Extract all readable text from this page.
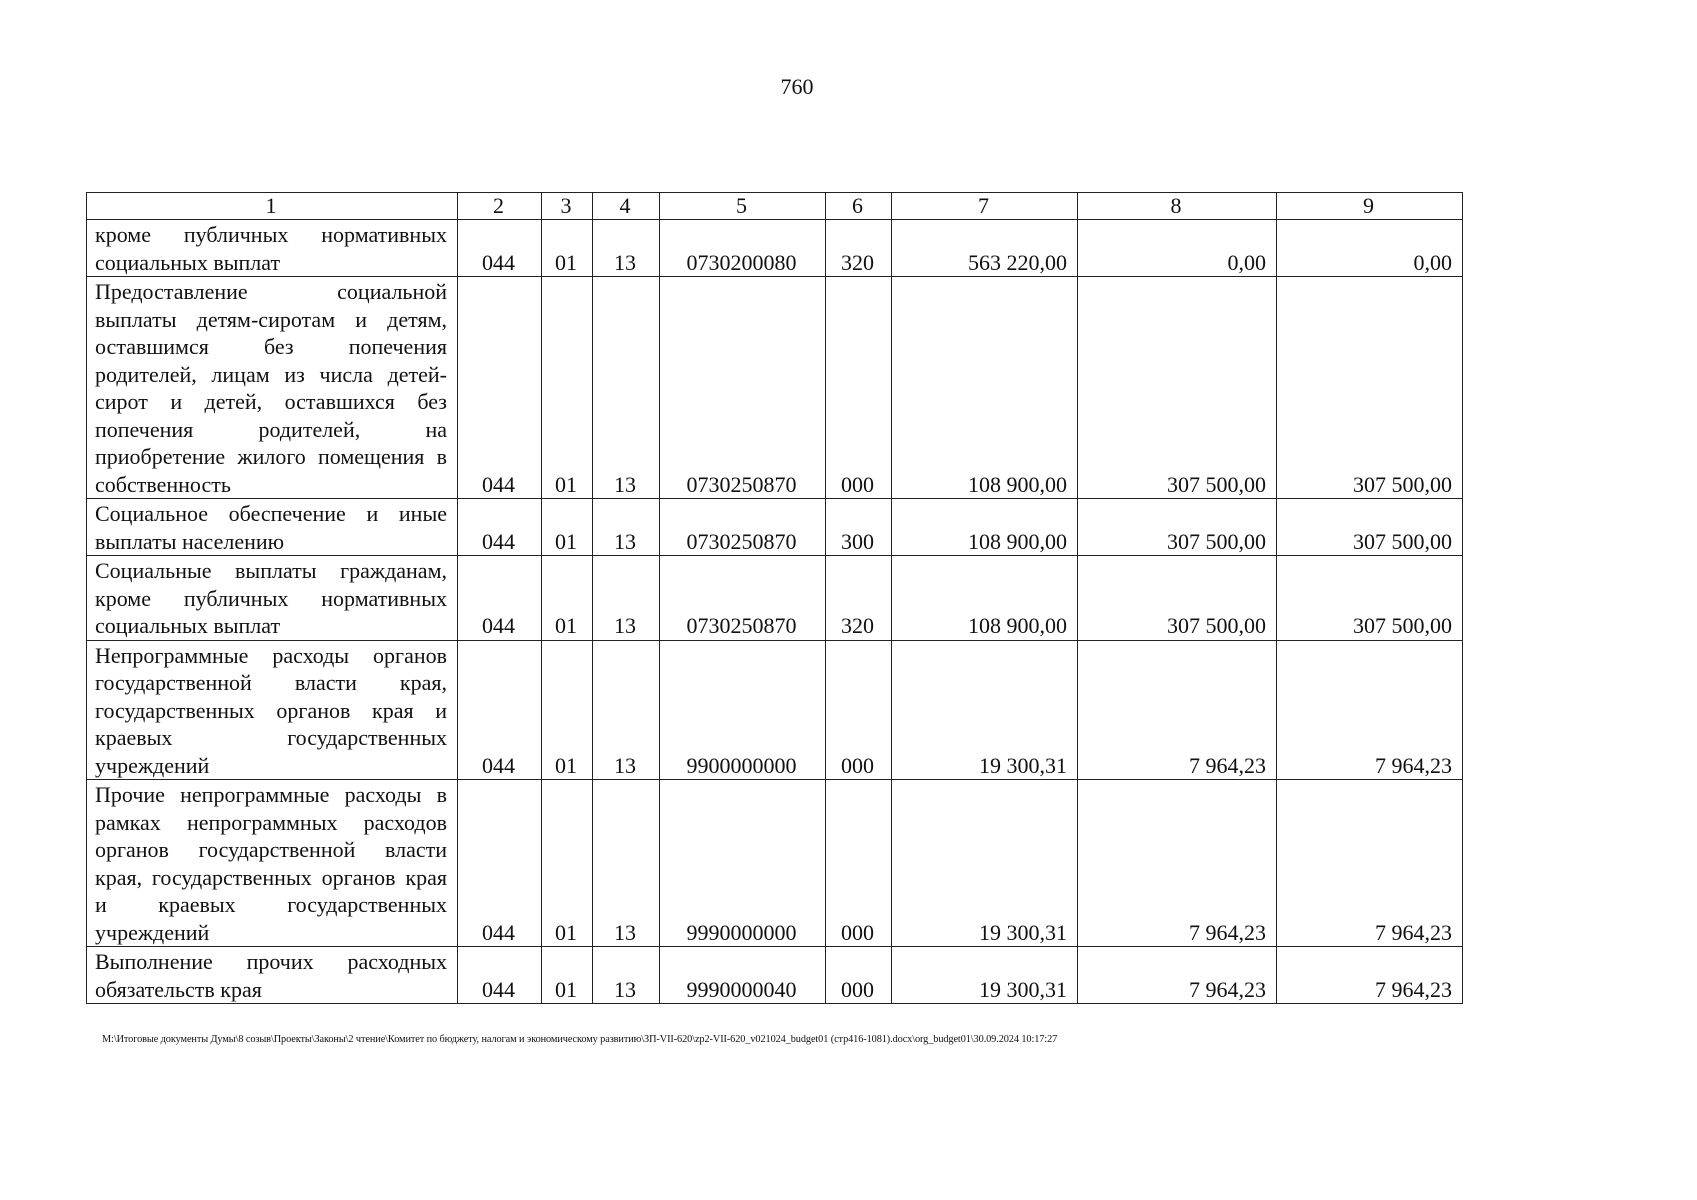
760
1	2	3	4	5	6	7	8	9
кроме публичных нормативных социальных выплат	044	01	13	0730200080	320	563 220,00	0,00	0,00
Предоставление социальной выплаты детям-сиротам и детям, оставшимся без попечения родителей, лицам из числа детей-сирот и детей, оставшихся без попечения родителей, на приобретение жилого помещения в собственность	044	01	13	0730250870	000	108 900,00	307 500,00	307 500,00
Социальное обеспечение и иные выплаты населению	044	01	13	0730250870	300	108 900,00	307 500,00	307 500,00
Социальные выплаты гражданам, кроме публичных нормативных социальных выплат	044	01	13	0730250870	320	108 900,00	307 500,00	307 500,00
Непрограммные расходы органов государственной власти края, государственных органов края и краевых государственных учреждений	044	01	13	9900000000	000	19 300,31	7 964,23	7 964,23
Прочие непрограммные расходы в рамках непрограммных расходов органов государственной власти края, государственных органов края и краевых государственных учреждений	044	01	13	9990000000	000	19 300,31	7 964,23	7 964,23
Выполнение прочих расходных обязательств края	044	01	13	9990000040	000	19 300,31	7 964,23	7 964,23
M:\Итоговые документы Думы\8 созыв\Проекты\Законы\2 чтение\Комитет по бюджету, налогам и экономическому развитию\ЗП-VII-620\zp2-VII-620_v021024_budget01 (стр416-1081).docx\org_budget01\30.09.2024 10:17:27
